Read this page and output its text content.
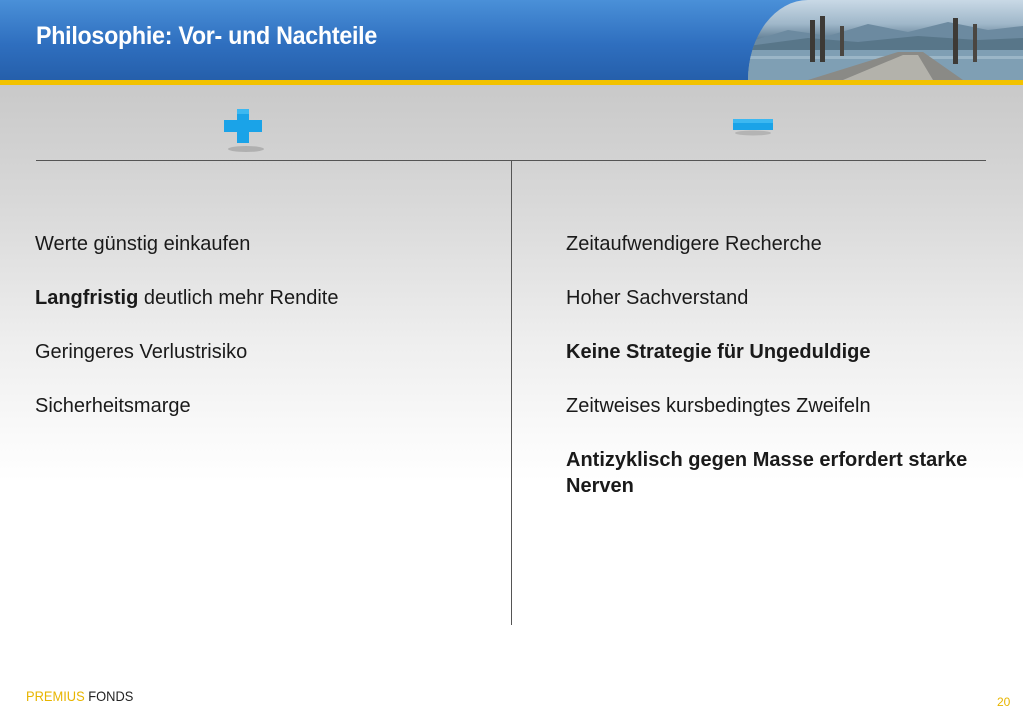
Philosophie: Vor- und Nachteile
Werte günstig einkaufen
Langfristig deutlich mehr Rendite
Geringeres Verlustrisiko
Sicherheitsmarge
Zeitaufwendigere Recherche
Hoher Sachverstand
Keine Strategie für Ungeduldige
Zeitweises kursbedingtes Zweifeln
Antizyklisch gegen Masse erfordert starke Nerven
PREMIUS FONDS	20
